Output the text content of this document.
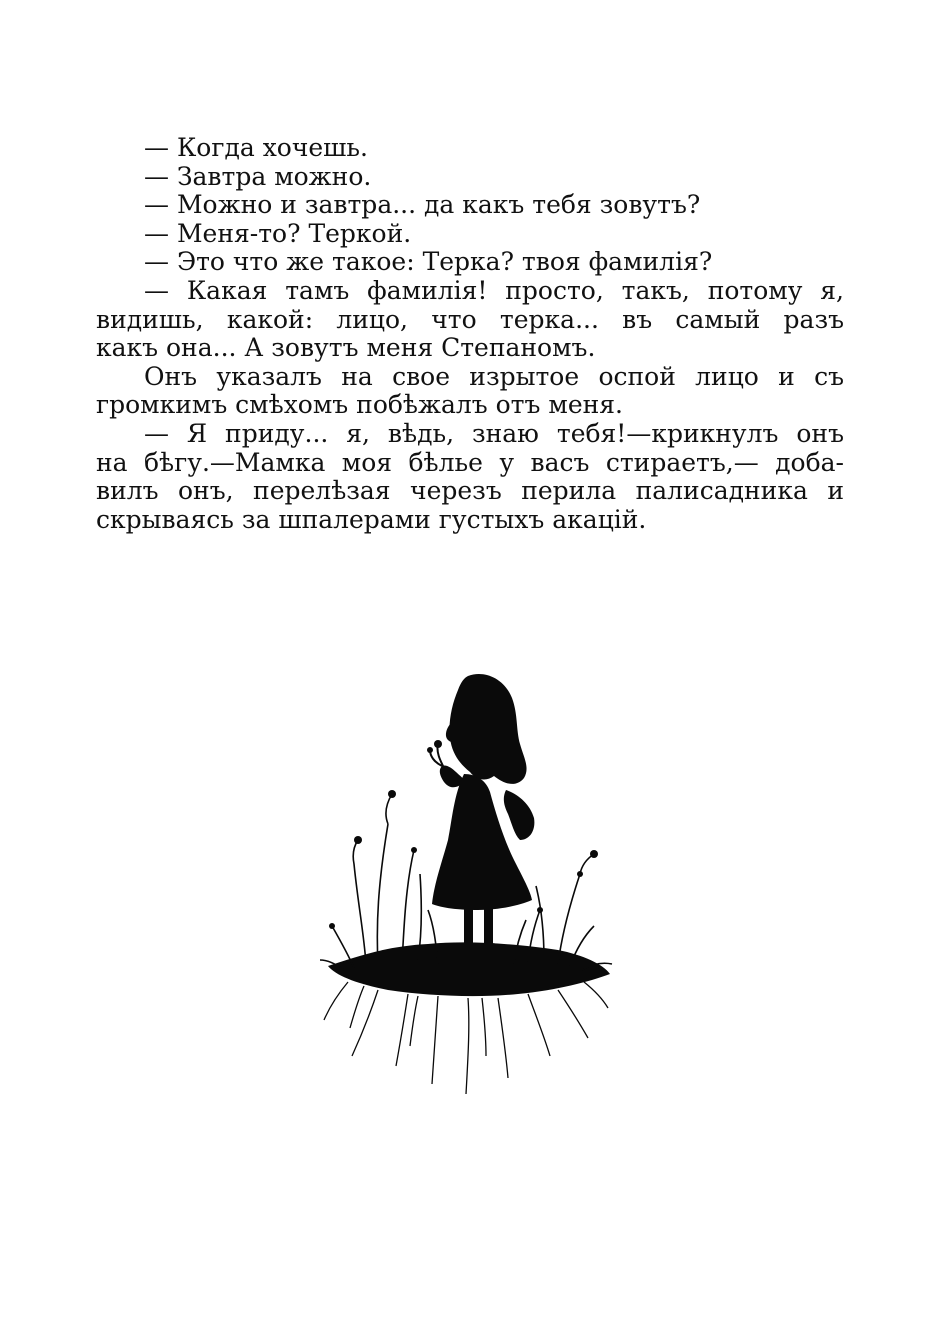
— Когда хочешь.
— Завтра можно.
— Можно и завтра... да какъ тебя зовутъ?
— Меня-то? Теркой.
— Это что же такое: Терка? твоя фамилія?
— Какая тамъ фамилія! просто, такъ, потому я,
видишь, какой: лицо, что терка... въ самый разъ
какъ она... А зовутъ меня Степаномъ.
Онъ указалъ на свое изрытое оспой лицо и съ
громкимъ смѣхомъ побѣжалъ отъ меня.
— Я приду... я, вѣдь, знаю тебя!—крикнулъ онъ
на бѣгу.—Мамка моя бѣлье у васъ стираетъ,— доба-
вилъ онъ, перелѣзая черезъ перила палисадника и
скрываясь за шпалерами густыхъ акацій.
